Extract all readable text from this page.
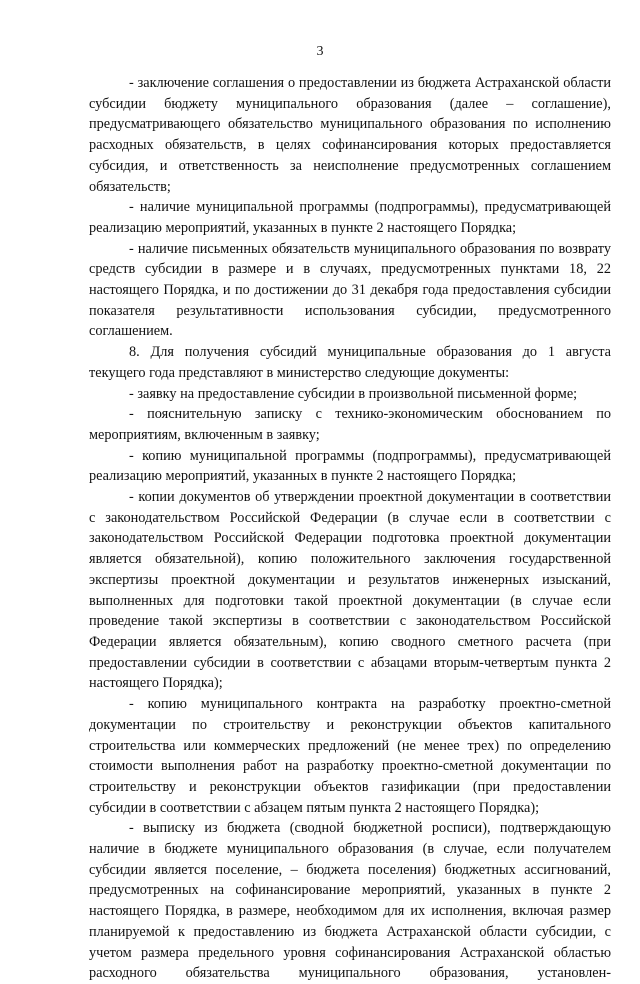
3

- заключение соглашения о предоставлении из бюджета Астраханской области субсидии бюджету муниципального образования (далее – соглашение), предусматривающего обязательство муниципального образования по исполнению расходных обязательств, в целях софинансирования которых предоставляется субсидия, и ответственность за неисполнение предусмотренных соглашением обязательств;

- наличие муниципальной программы (подпрограммы), предусматривающей реализацию мероприятий, указанных в пункте 2 настоящего Порядка;

- наличие письменных обязательств муниципального образования по возврату средств субсидии в размере и в случаях, предусмотренных пунктами 18, 22 настоящего Порядка, и по достижении до 31 декабря года предоставления субсидии показателя результативности использования субсидии, предусмотренного соглашением.

8. Для получения субсидий муниципальные образования до 1 августа текущего года представляют в министерство следующие документы:

- заявку на предоставление субсидии в произвольной письменной форме;

- пояснительную записку с технико-экономическим обоснованием по мероприятиям, включенным в заявку;

- копию муниципальной программы (подпрограммы), предусматривающей реализацию мероприятий, указанных в пункте 2 настоящего Порядка;

- копии документов об утверждении проектной документации в соответствии с законодательством Российской Федерации (в случае если в соответствии с законодательством Российской Федерации подготовка проектной документации является обязательной), копию положительного заключения государственной экспертизы проектной документации и результатов инженерных изысканий, выполненных для подготовки такой проектной документации (в случае если проведение такой экспертизы в соответствии с законодательством Российской Федерации является обязательным), копию сводного сметного расчета (при предоставлении субсидии в соответствии с абзацами вторым-четвертым пункта 2 настоящего Порядка);

- копию муниципального контракта на разработку проектно-сметной документации по строительству и реконструкции объектов капитального строительства или коммерческих предложений (не менее трех) по определению стоимости выполнения работ на разработку проектно-сметной документации по строительству и реконструкции объектов газификации (при предоставлении субсидии в соответствии с абзацем пятым пункта 2 настоящего Порядка);

- выписку из бюджета (сводной бюджетной росписи), подтверждающую наличие в бюджете муниципального образования (в случае, если получателем субсидии является поселение, – бюджета поселения) бюджетных ассигнований, предусмотренных на софинансирование мероприятий, указанных в пункте 2 настоящего Порядка, в размере, необходимом для их исполнения, включая размер планируемой к предоставлению из бюджета Астраханской области субсидии, с учетом размера предельного уровня софинансирования Астраханской областью расходного обязательства муниципального образования, установлен-
